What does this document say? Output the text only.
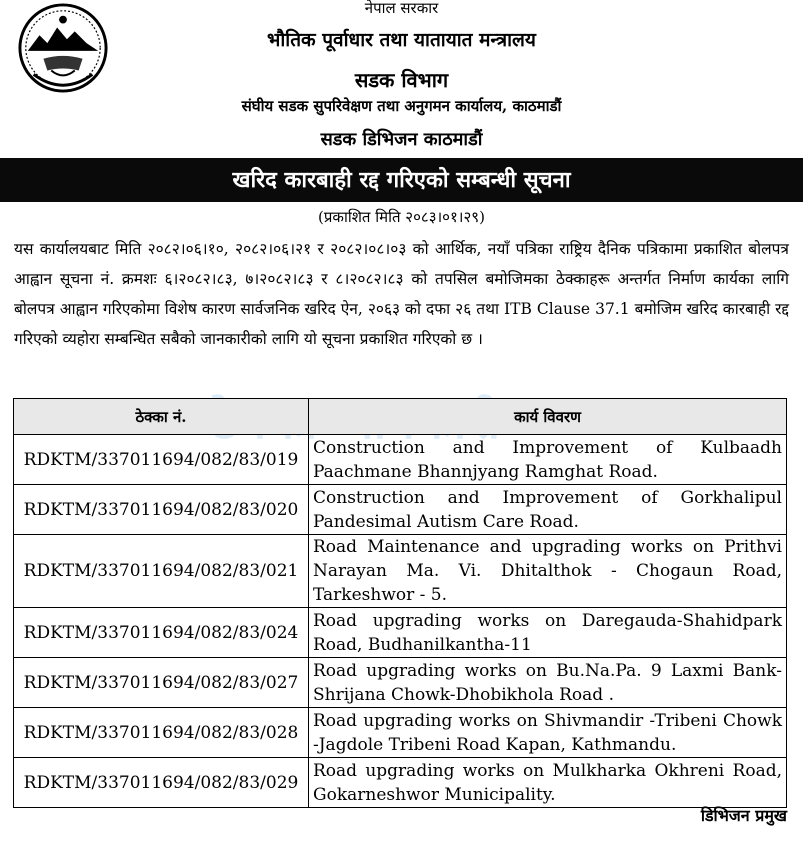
नेपाल सरकार
भौतिक पूर्वाधार तथा यातायात मन्त्रालय
सडक विभाग
संघीय सडक सुपरिवेक्षण तथा अनुगमन कार्यालय, काठमाडौं
सडक डिभिजन काठमाडौं
खरिद कारबाही रद्द गरिएको सम्बन्धी सूचना
(प्रकाशित मिति २०८३।०१।२९)
यस कार्यालयबाट मिति २०८२।०६।१०, २०८२।०६।२१ र २०८२।०८।०३ को आर्थिक, नयाँ पत्रिका राष्ट्रिय दैनिक पत्रिकामा प्रकाशित बोलपत्र आह्वान सूचना नं. क्रमशः ६।२०८२।८३, ७।२०८२।८३ र ८।२०८२।८३ को तपसिल बमोजिमका ठेक्काहरू अन्तर्गत निर्माण कार्यका लागि बोलपत्र आह्वान गरिएकोमा विशेष कारण सार्वजनिक खरिद ऐन, २०६३ को दफा २६ तथा ITB Clause 37.1 बमोजिम खरिद कारबाही रद्द गरिएको व्यहोरा सम्बन्धित सबैको जानकारीको लागि यो सूचना प्रकाशित गरिएको छ ।
ठेक्का नं.	कार्य विवरण
RDKTM/337011694/082/83/019	Construction and Improvement of Kulbaadh Paachmane Bhannjyang Ramghat Road.
RDKTM/337011694/082/83/020	Construction and Improvement of Gorkhalipul Pandesimal Autism Care Road.
RDKTM/337011694/082/83/021	Road Maintenance and upgrading works on Prithvi Narayan Ma. Vi. Dhitalthok - Chogaun Road, Tarkeshwor - 5.
RDKTM/337011694/082/83/024	Road upgrading works on Daregauda-Shahidpark Road, Budhanilkantha-11
RDKTM/337011694/082/83/027	Road upgrading works on Bu.Na.Pa. 9 Laxmi Bank-Shrijana Chowk-Dhobikhola Road .
RDKTM/337011694/082/83/028	Road upgrading works on Shivmandir -Tribeni Chowk -Jagdole Tribeni Road Kapan, Kathmandu.
RDKTM/337011694/082/83/029	Road upgrading works on Mulkharka Okhreni Road, Gokarneshwor Municipality.
डिभिजन प्रमुख
